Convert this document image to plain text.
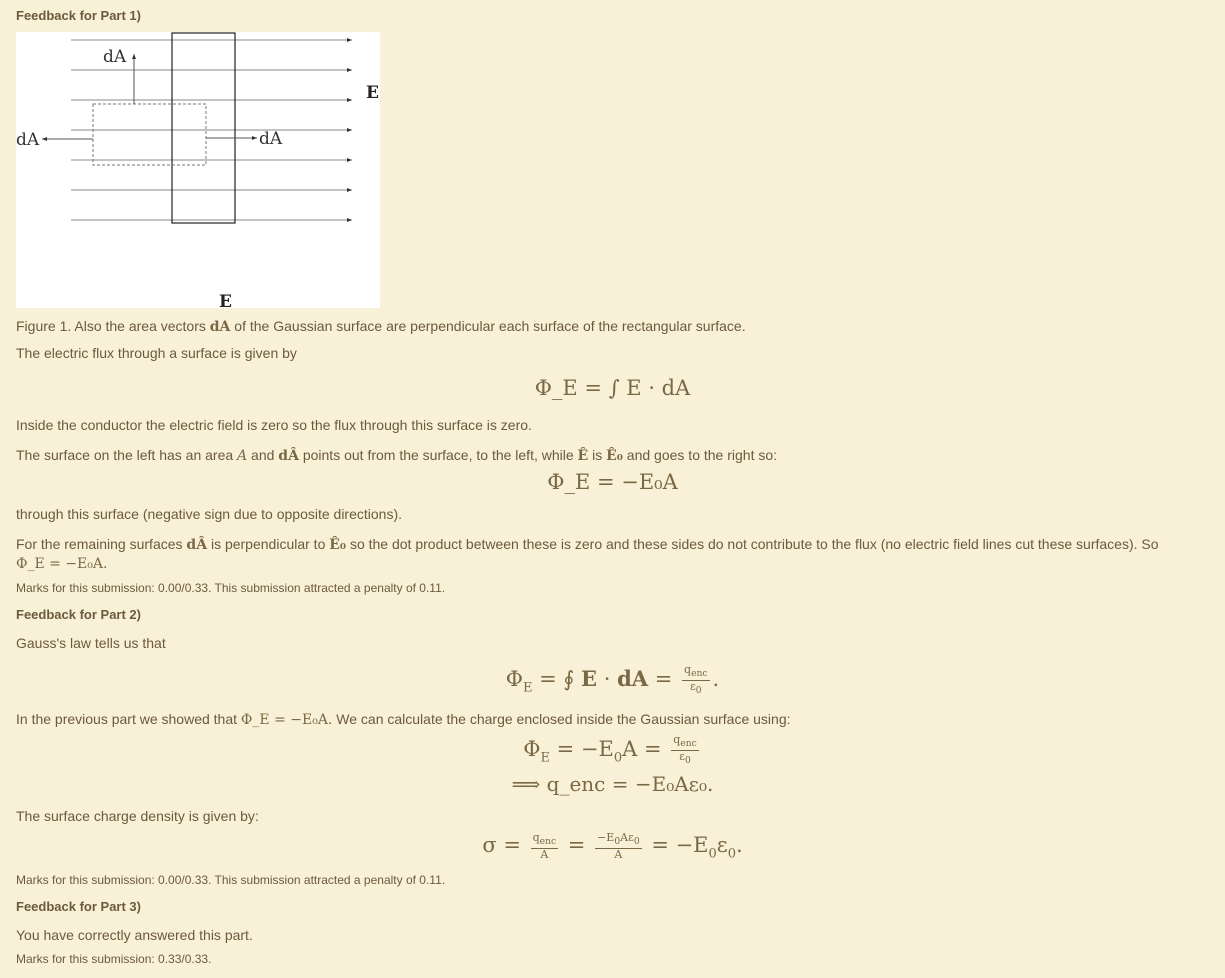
Feedback for Part 1)
dA
dA	dA
E
E
Figure 1. Also the area vectors dA of the Gaussian surface are perpendicular each surface of the rectangular surface.
The electric flux through a surface is given by
Φ_E = ∫ E · dA
Inside the conductor the electric field is zero so the flux through this surface is zero.
The surface on the left has an area A and dÂ points out from the surface, to the left, while Ê is Ê₀ and goes to the right so:
Φ_E = −E₀A
through this surface (negative sign due to opposite directions).
For the remaining surfaces dÂ is perpendicular to Ê₀ so the dot product between these is zero and these sides do not contribute to the flux (no electric field lines cut these surfaces). So
Φ_E = −E₀A.
Marks for this submission: 0.00/0.33. This submission attracted a penalty of 0.11.
Feedback for Part 2)
Gauss's law tells us that
$\Phi_E$ = ∮ E · dA = $\frac{q_{enc}}{\varepsilon_0}$ .
In the previous part we showed that Φ_E = −E₀A. We can calculate the charge enclosed inside the Gaussian surface using:
$\Phi_E = -E_0A = \frac{q_{enc}}{\varepsilon_0}$
⟹ q_enc = −E₀Aε₀.
The surface charge density is given by:
$\sigma = \frac{q_{enc}}{A} = \frac{-E_0A\varepsilon_0}{A} = -E_0\varepsilon_0$.
Marks for this submission: 0.00/0.33. This submission attracted a penalty of 0.11.
Feedback for Part 3)
You have correctly answered this part.
Marks for this submission: 0.33/0.33.
